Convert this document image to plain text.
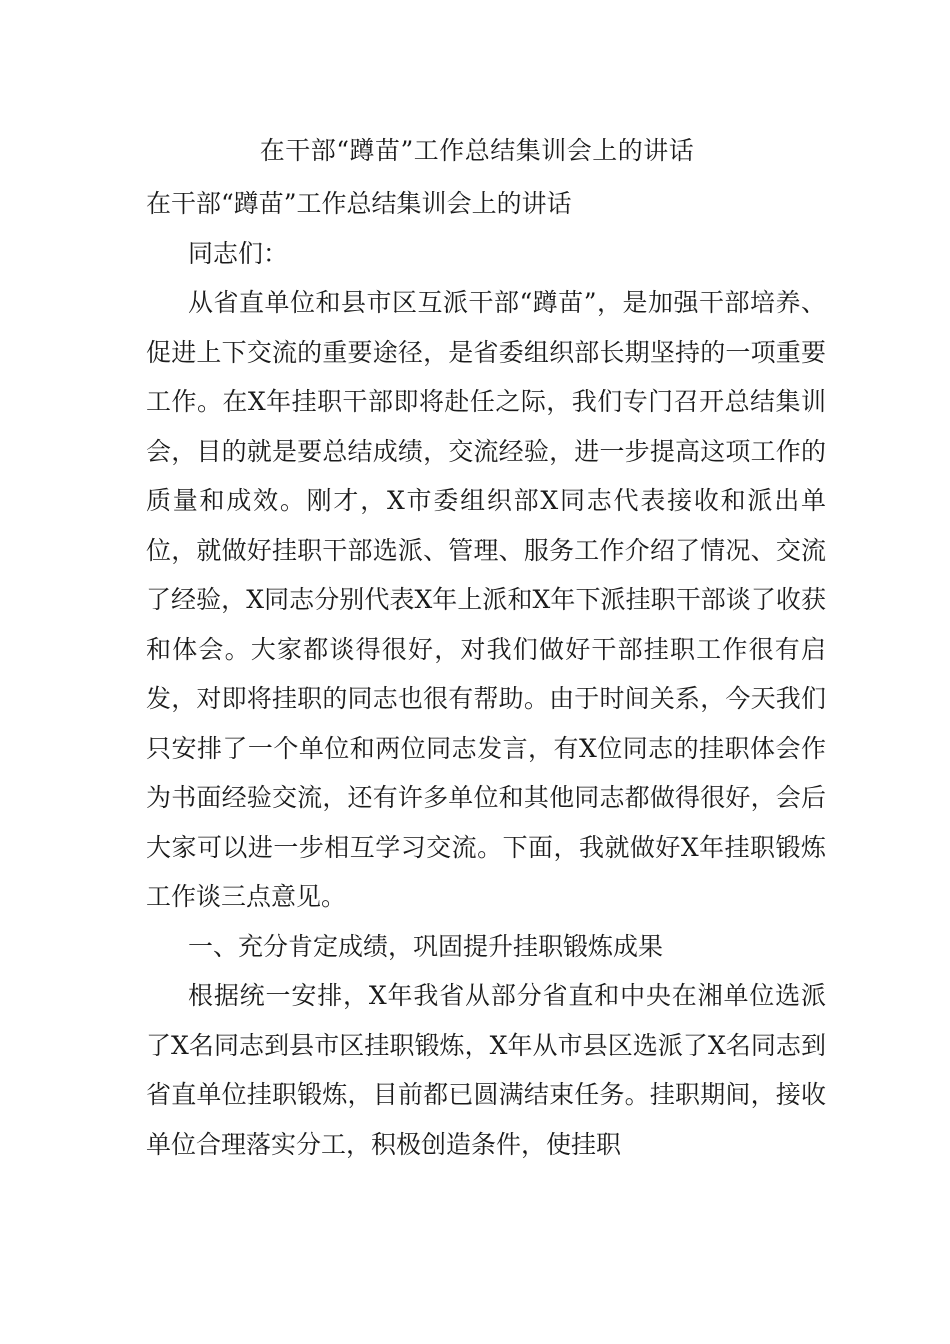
在干部“蹲苗”工作总结集训会上的讲话

在干部“蹲苗”工作总结集训会上的讲话

同志们：

从省直单位和县市区互派干部“蹲苗”，是加强干部培养、促进上下交流的重要途径，是省委组织部长期坚持的一项重要工作。在X年挂职干部即将赴任之际，我们专门召开总结集训会，目的就是要总结成绩，交流经验，进一步提高这项工作的质量和成效。刚才，X市委组织部X同志代表接收和派出单位，就做好挂职干部选派、管理、服务工作介绍了情况、交流了经验，X同志分别代表X年上派和X年下派挂职干部谈了收获和体会。大家都谈得很好，对我们做好干部挂职工作很有启发，对即将挂职的同志也很有帮助。由于时间关系，今天我们只安排了一个单位和两位同志发言，有X位同志的挂职体会作为书面经验交流，还有许多单位和其他同志都做得很好，会后大家可以进一步相互学习交流。下面，我就做好X年挂职锻炼工作谈三点意见。

一、充分肯定成绩，巩固提升挂职锻炼成果

根据统一安排，X年我省从部分省直和中央在湘单位选派了X名同志到县市区挂职锻炼，X年从市县区选派了X名同志到省直单位挂职锻炼，目前都已圆满结束任务。挂职期间，接收单位合理落实分工，积极创造条件，使挂职
